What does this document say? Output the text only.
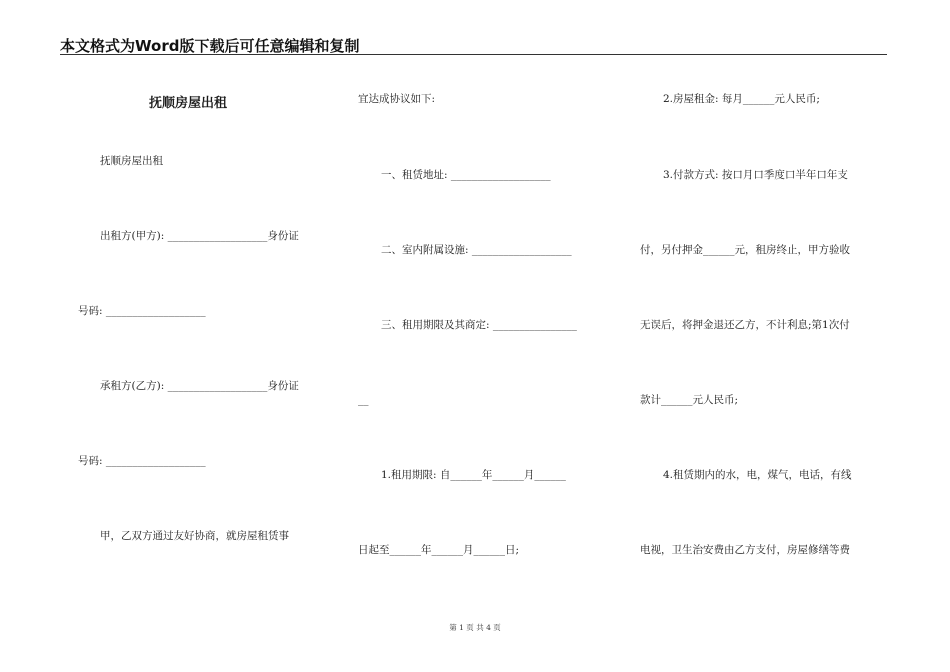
本文格式为Word版下载后可任意编辑和复制
抚顺房屋出租
抚顺房屋出租
出租方(甲方): ___________________身份证
号码: ___________________
承租方(乙方): ___________________身份证
号码: ___________________
甲，乙双方通过友好协商，就房屋租赁事
宜达成协议如下:
一、租赁地址: ___________________
二、室内附属设施: ___________________
三、租用期限及其商定: ________________
__
1.租用期限: 自______年______月______
日起至______年______月______日;
2.房屋租金: 每月______元人民币;
3.付款方式: 按口月口季度口半年口年支
付，另付押金______元，租房终止，甲方验收
无误后，将押金退还乙方，不计利息;第1次付
款计______元人民币;
4.租赁期内的水，电，煤气，电话，有线
电视，卫生治安费由乙方支付，房屋修缮等费
第 1 页 共 4 页
